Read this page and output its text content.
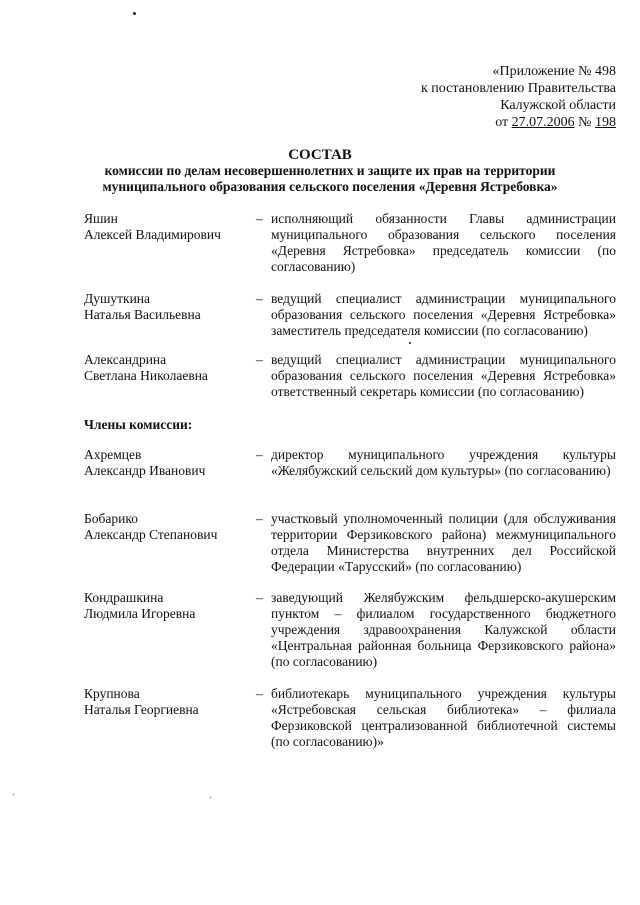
«Приложение № 498
к постановлению Правительства
Калужской области
от 27.07.2006 № 198
СОСТАВ
комиссии по делам несовершеннолетних и защите их прав на территории
муниципального образования сельского поселения «Деревня Ястребовка»
Яшин
Алексей Владимирович
– исполняющий обязанности Главы администрации муниципального образования сельского поселения «Деревня Ястребовка» председатель комиссии (по согласованию)
Душуткина
Наталья Васильевна
– ведущий специалист администрации муниципального образования сельского поселения «Деревня Ястребовка» заместитель председателя комиссии (по согласованию)
Александрина
Светлана Николаевна
– ведущий специалист администрации муниципального образования сельского поселения «Деревня Ястребовка» ответственный секретарь комиссии (по согласованию)
Члены комиссии:
Ахремцев
Александр Иванович
– директор муниципального учреждения культуры «Желябужский сельский дом культуры» (по согласованию)
Бобарико
Александр Степанович
– участковый уполномоченный полиции (для обслуживания территории Ферзиковского района) межмуниципального отдела Министерства внутренних дел Российской Федерации «Тарусский» (по согласованию)
Кондрашкина
Людмила Игоревна
– заведующий Желябужским фельдшерско-акушерским пунктом – филиалом государственного бюджетного учреждения здравоохранения Калужской области «Центральная районная больница Ферзиковского района» (по согласованию)
Крупнова
Наталья Георгиевна
– библиотекарь муниципального учреждения культуры «Ястребовская сельская библиотека» – филиала Ферзиковской централизованной библиотечной системы (по согласованию)»
